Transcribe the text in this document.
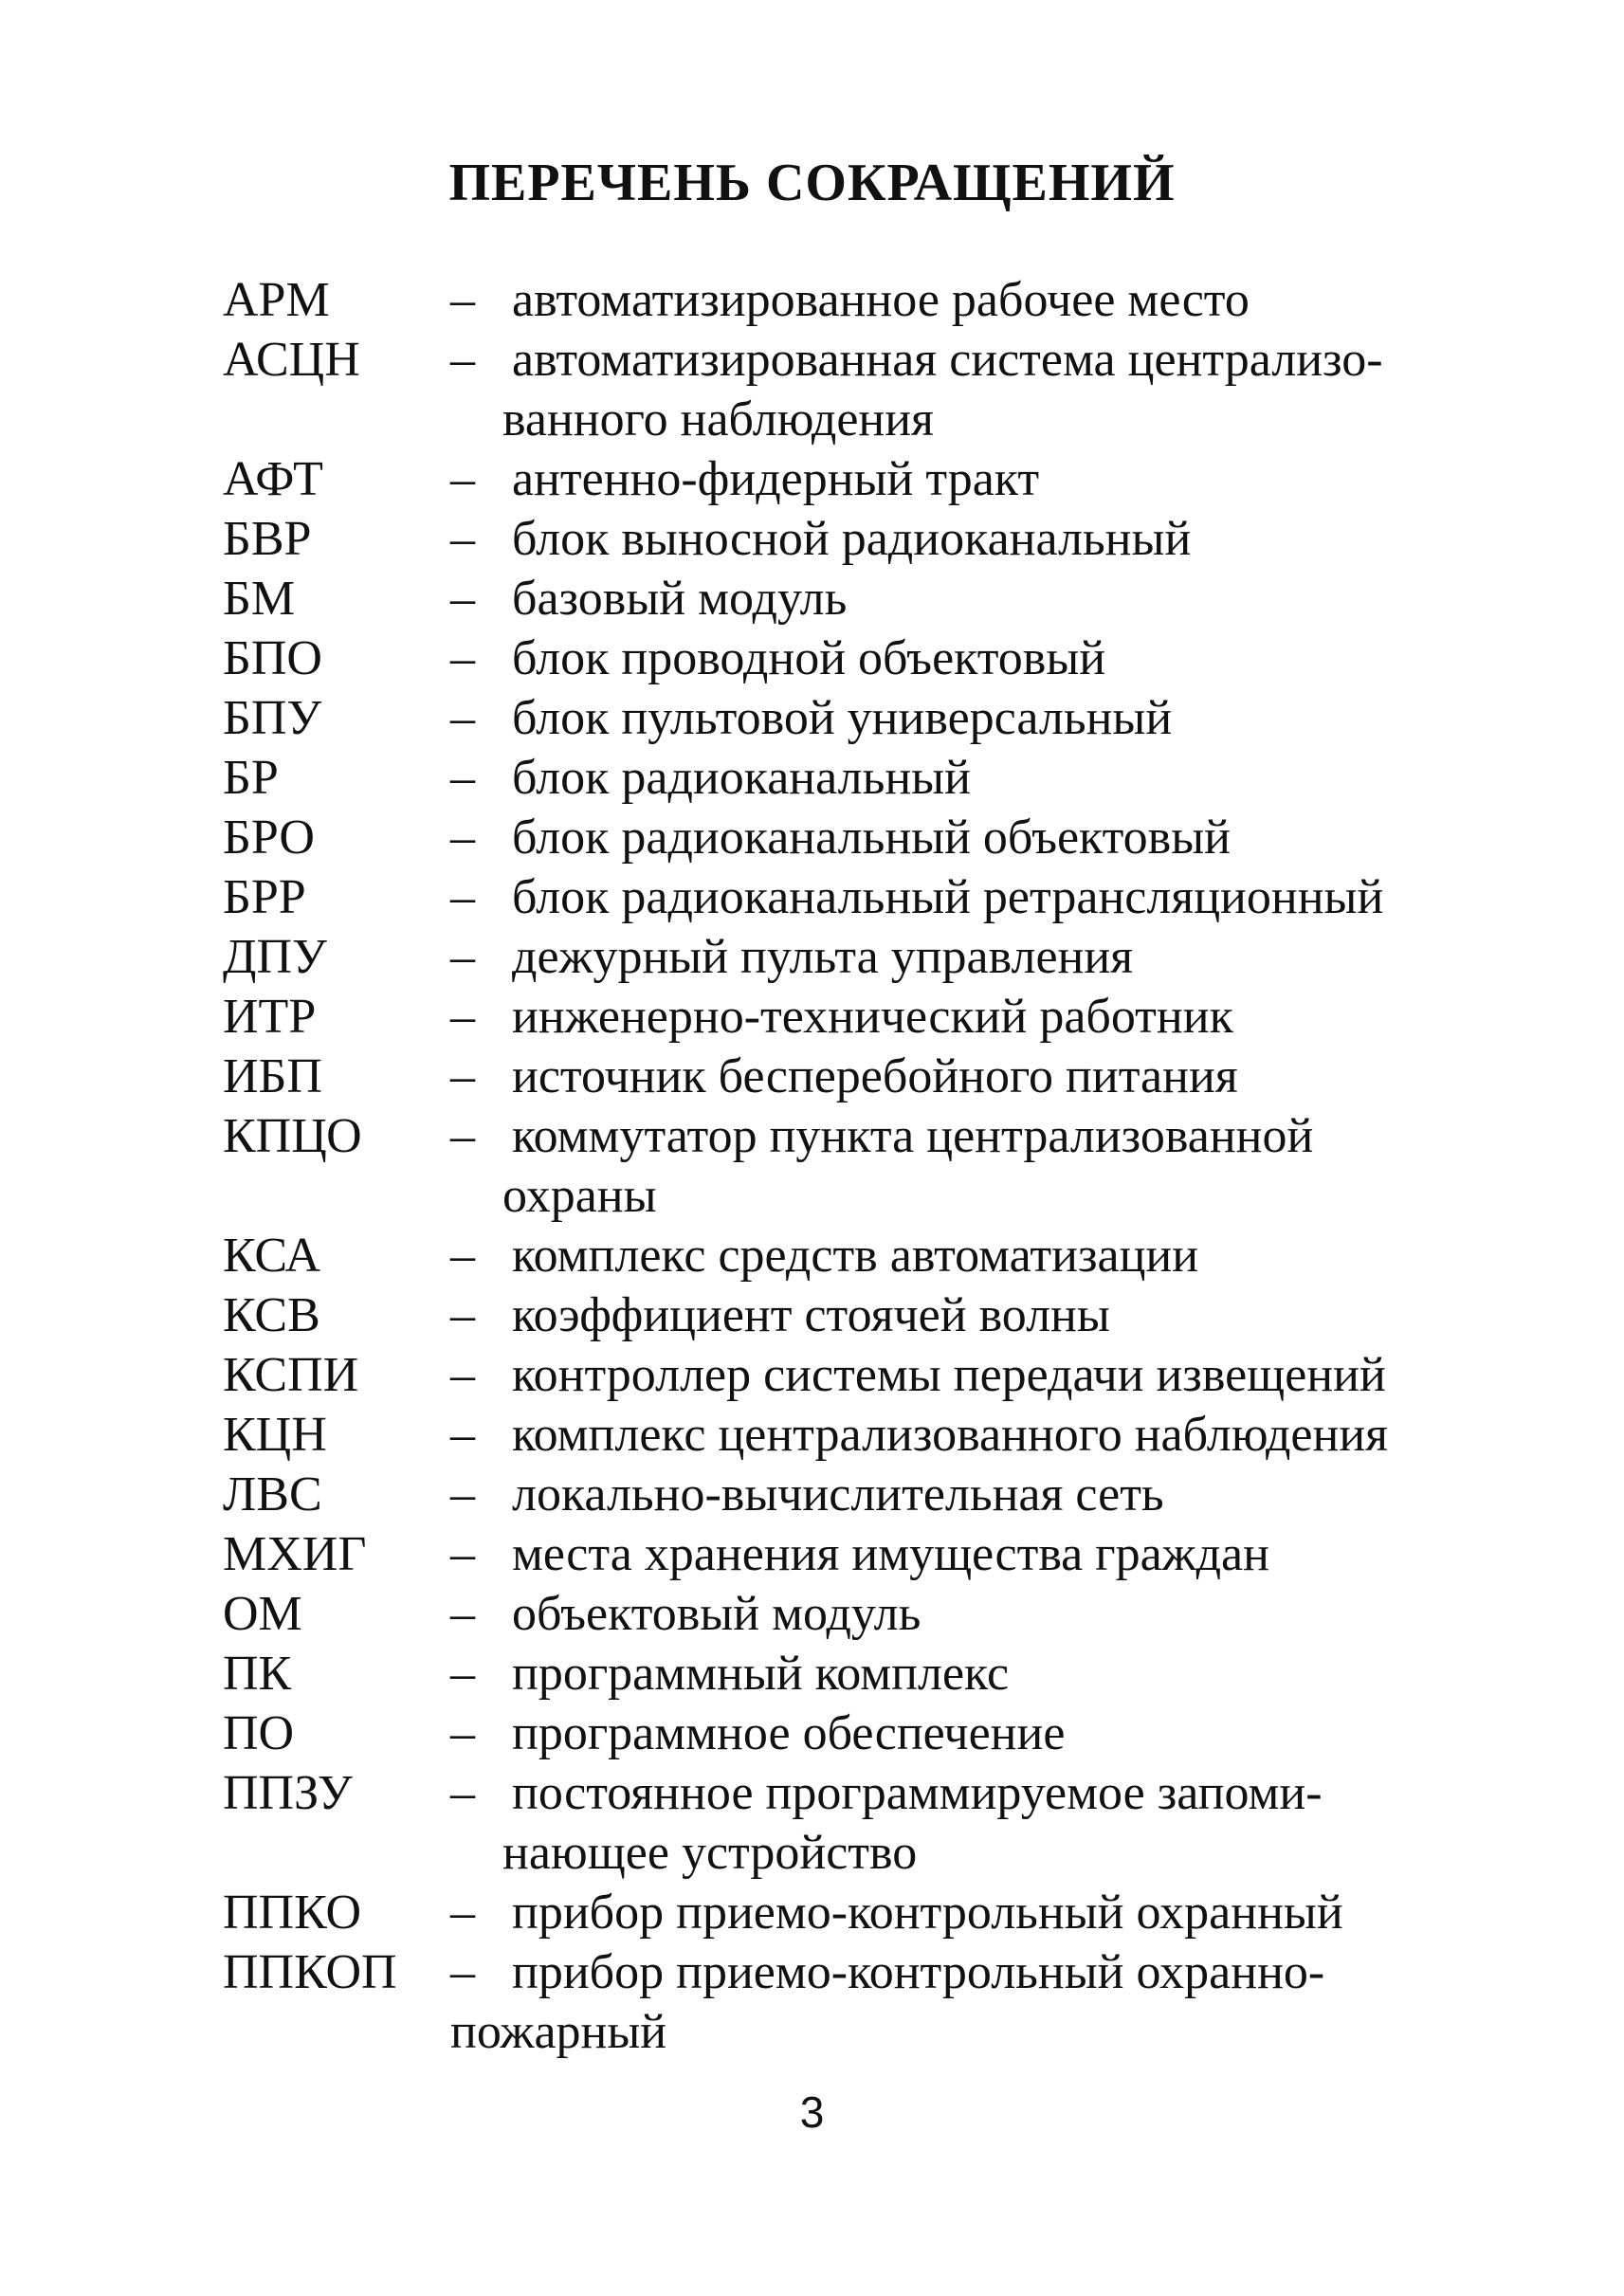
ПЕРЕЧЕНЬ СОКРАЩЕНИЙ
АРМ – автоматизированное рабочее место
АСЦН – автоматизированная система централизо-
ванного наблюдения
АФТ	– антенно-фидерный тракт
БВР	– блок выносной радиоканальный
БМ	– базовый модуль
БПО	– блок проводной объектовый
БПУ	– блок пультовой универсальный
БР	– блок радиоканальный
БРО	– блок радиоканальный объектовый
БРР	– блок радиоканальный ретрансляционный
ДПУ	– дежурный пульта управления
ИТР	– инженерно-технический работник
ИБП	– источник бесперебойного питания
КПЦО – коммутатор пункта централизованной
охраны
КСА	– комплекс средств автоматизации
КСВ	– коэффициент стоячей волны
КСПИ – контроллер системы передачи извещений
КЦН	– комплекс централизованного наблюдения
ЛВС	– локально-вычислительная сеть
МХИГ – места хранения имущества граждан
ОМ	– объектовый модуль
ПК	– программный комплекс
ПО	– программное обеспечение
ППЗУ – постоянное программируемое запоми-
нающее устройство
ППКО – прибор приемо-контрольный охранный
ППКОП – прибор приемо-контрольный охранно-
пожарный
3
